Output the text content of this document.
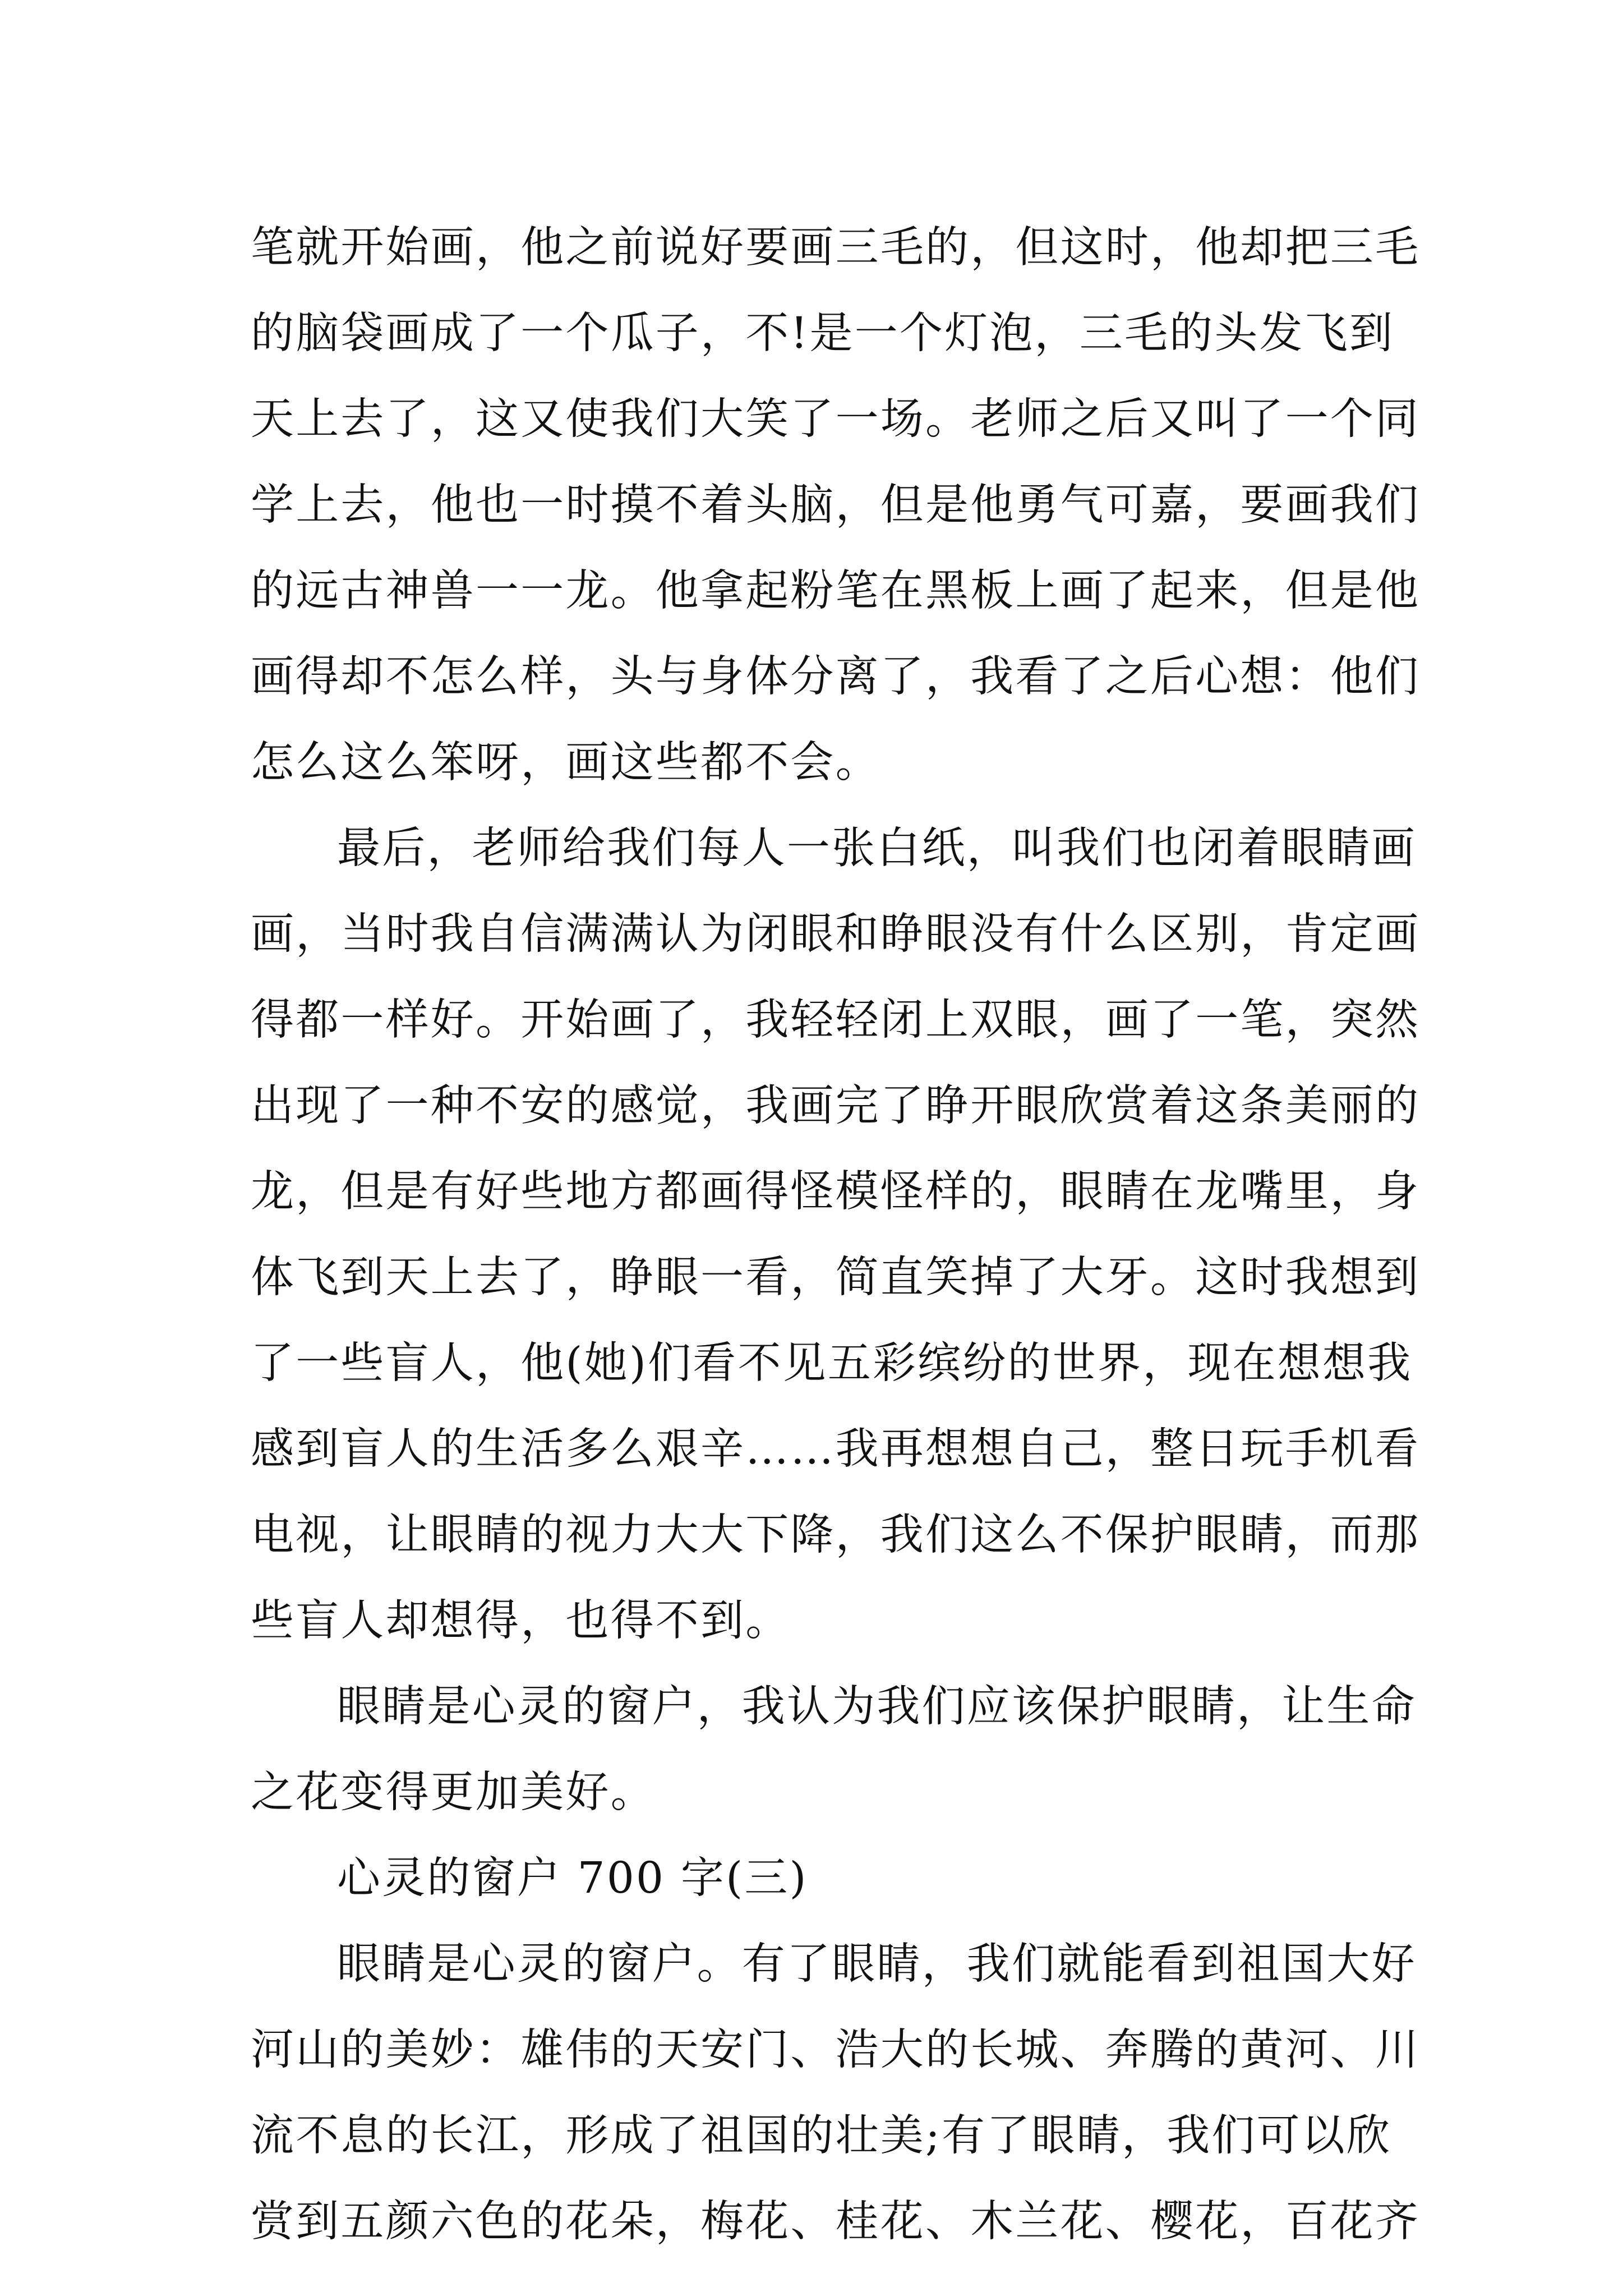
笔就开始画，他之前说好要画三毛的，但这时，他却把三毛
的脑袋画成了一个瓜子，不!是一个灯泡，三毛的头发飞到
天上去了，这又使我们大笑了一场。老师之后又叫了一个同
学上去，他也一时摸不着头脑，但是他勇气可嘉，要画我们
的远古神兽一一龙。他拿起粉笔在黑板上画了起来，但是他
画得却不怎么样，头与身体分离了，我看了之后心想：他们
怎么这么笨呀，画这些都不会。
最后，老师给我们每人一张白纸，叫我们也闭着眼睛画
画，当时我自信满满认为闭眼和睁眼没有什么区别，肯定画
得都一样好。开始画了，我轻轻闭上双眼，画了一笔，突然
出现了一种不安的感觉，我画完了睁开眼欣赏着这条美丽的
龙，但是有好些地方都画得怪模怪样的，眼睛在龙嘴里，身
体飞到天上去了，睁眼一看，简直笑掉了大牙。这时我想到
了一些盲人，他(她)们看不见五彩缤纷的世界，现在想想我
感到盲人的生活多么艰辛……我再想想自己，整日玩手机看
电视，让眼睛的视力大大下降，我们这么不保护眼睛，而那
些盲人却想得，也得不到。
眼睛是心灵的窗户，我认为我们应该保护眼睛，让生命
之花变得更加美好。
心灵的窗户 700 字(三)
眼睛是心灵的窗户。有了眼睛，我们就能看到祖国大好
河山的美妙：雄伟的天安门、浩大的长城、奔腾的黄河、川
流不息的长江，形成了祖国的壮美;有了眼睛，我们可以欣
赏到五颜六色的花朵，梅花、桂花、木兰花、樱花，百花齐
